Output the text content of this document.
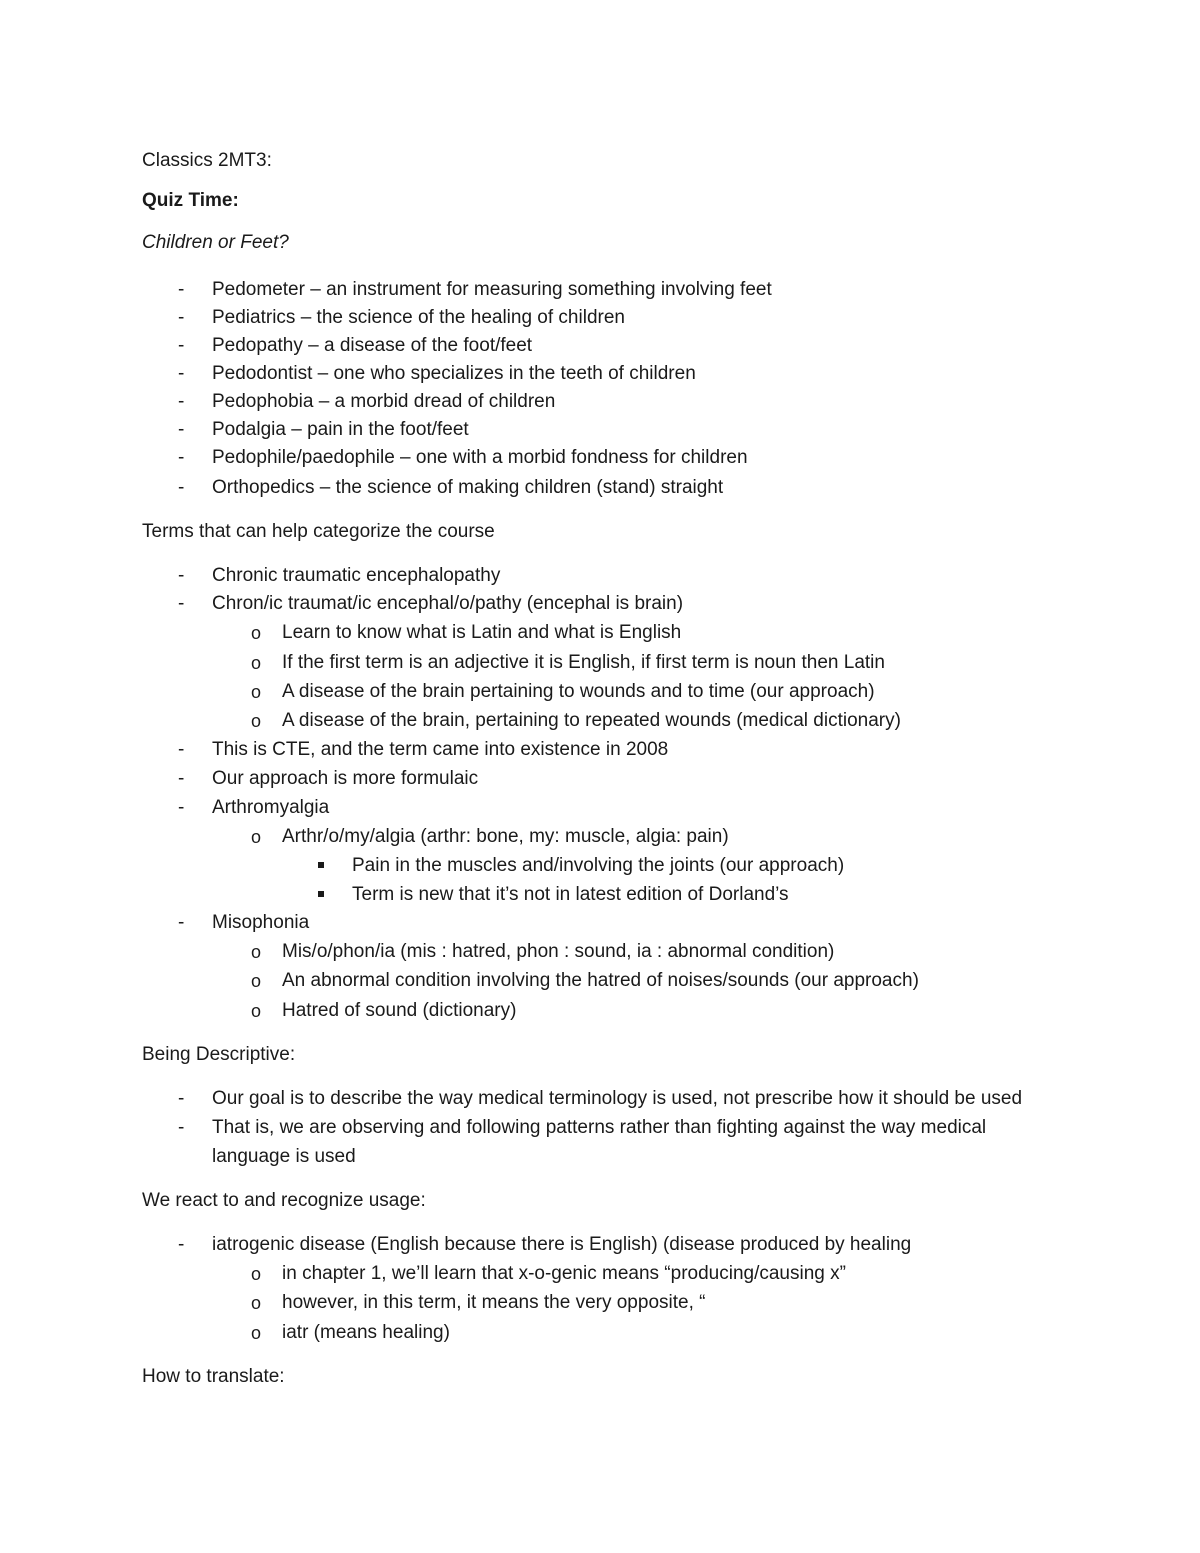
Classics 2MT3:
Quiz Time:
Children or Feet?
- Pedometer – an instrument for measuring something involving feet
- Pediatrics – the science of the healing of children
- Pedopathy – a disease of the foot/feet
- Pedodontist – one who specializes in the teeth of children
- Pedophobia – a morbid dread of children
- Podalgia – pain in the foot/feet
- Pedophile/paedophile – one with a morbid fondness for children
- Orthopedics – the science of making children (stand) straight
Terms that can help categorize the course
- Chronic traumatic encephalopathy
- Chron/ic traumat/ic encephal/o/pathy (encephal is brain)
o Learn to know what is Latin and what is English
o If the first term is an adjective it is English, if first term is noun then Latin
o A disease of the brain pertaining to wounds and to time (our approach)
o A disease of the brain, pertaining to repeated wounds (medical dictionary)
- This is CTE, and the term came into existence in 2008
- Our approach is more formulaic
- Arthromyalgia
o Arthr/o/my/algia (arthr: bone, my: muscle, algia: pain)
Pain in the muscles and/involving the joints (our approach)
Term is new that it’s not in latest edition of Dorland’s
- Misophonia
o Mis/o/phon/ia (mis : hatred, phon : sound, ia : abnormal condition)
o An abnormal condition involving the hatred of noises/sounds (our approach)
o Hatred of sound (dictionary)
Being Descriptive:
- Our goal is to describe the way medical terminology is used, not prescribe how it should be used
- That is, we are observing and following patterns rather than fighting against the way medical
language is used
We react to and recognize usage:
- iatrogenic disease (English because there is English) (disease produced by healing
o in chapter 1, we’ll learn that x-o-genic means “producing/causing x”
o however, in this term, it means the very opposite, “
o iatr (means healing)
How to translate:
